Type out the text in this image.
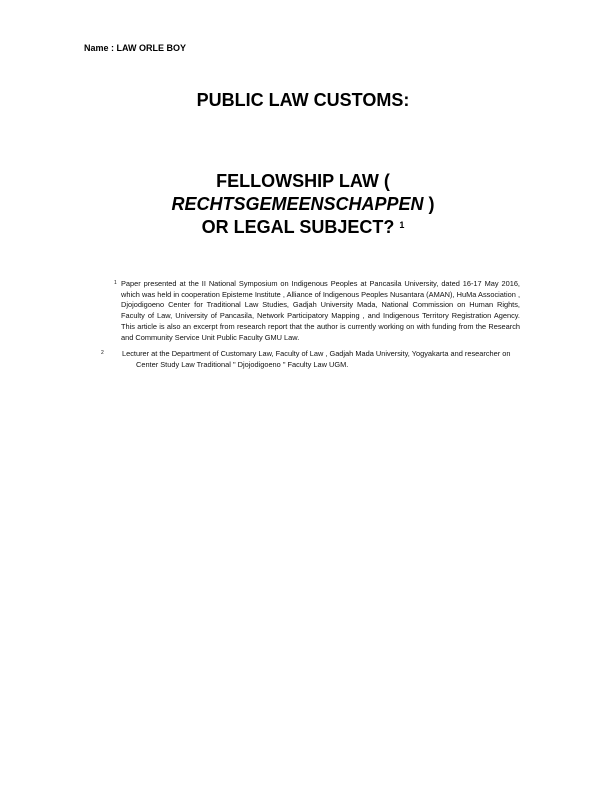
Name : LAW ORLE BOY
PUBLIC LAW CUSTOMS:
FELLOWSHIP LAW (
RECHTSGEMEENSCHAPPEN )
OR LEGAL SUBJECT? $^1$
1 Paper presented at the II National Symposium on Indigenous Peoples at Pancasila University, dated 16-17 May 2016, which was held in cooperation Episteme Institute , Alliance of Indigenous Peoples Nusantara (AMAN), HuMa Association , Djojodigoeno Center for Traditional Law Studies, Gadjah University Mada, National Commission on Human Rights, Faculty of Law, University of Pancasila, Network Participatory Mapping , and Indigenous Territory Registration Agency. This article is also an excerpt from research report that the author is currently working on with funding from the Research and Community Service Unit Public Faculty GMU Law.
2	Lecturer at the Department of Customary Law, Faculty of Law , Gadjah Mada University, Yogyakarta and researcher on Center Study Law Traditional " Djojodigoeno " Faculty Law UGM.
